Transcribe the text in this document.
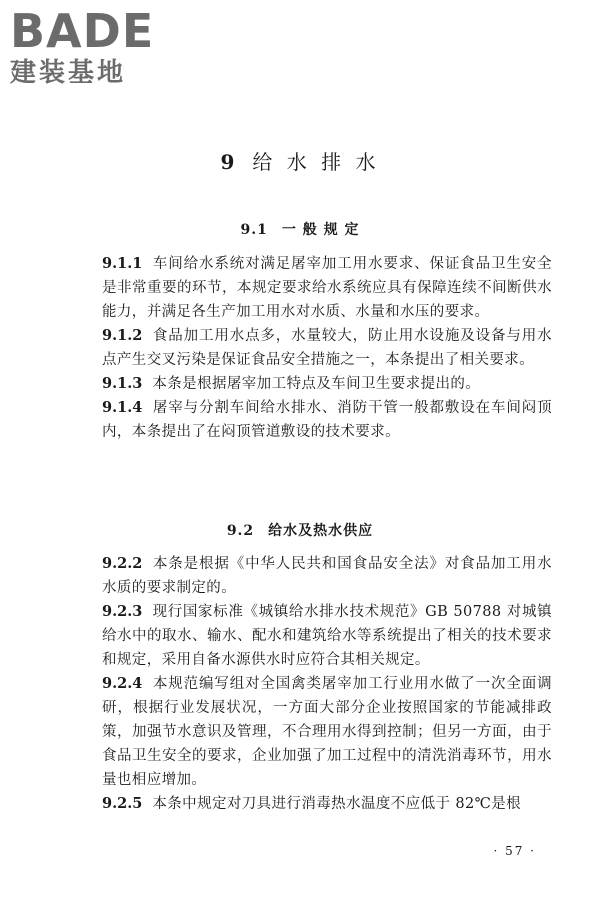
BADE
建装基地
9 给 水 排 水
9.1 一 般 规 定

9.1.1 车间给水系统对满足屠宰加工用水要求、保证食品卫生安全是非常重要的环节，本规定要求给水系统应具有保障连续不间断供水能力，并满足各生产加工用水对水质、水量和水压的要求。

9.1.2 食品加工用水点多，水量较大，防止用水设施及设备与用水点产生交叉污染是保证食品安全措施之一，本条提出了相关要求。

9.1.3 本条是根据屠宰加工特点及车间卫生要求提出的。

9.1.4 屠宰与分割车间给水排水、消防干管一般都敷设在车间闷顶内，本条提出了在闷顶管道敷设的技术要求。

9.2 给水及热水供应

9.2.2 本条是根据《中华人民共和国食品安全法》对食品加工用水水质的要求制定的。

9.2.3 现行国家标准《城镇给水排水技术规范》GB 50788 对城镇给水中的取水、输水、配水和建筑给水等系统提出了相关的技术要求和规定，采用自备水源供水时应符合其相关规定。

9.2.4 本规范编写组对全国禽类屠宰加工行业用水做了一次全面调研，根据行业发展状况，一方面大部分企业按照国家的节能减排政策，加强节水意识及管理，不合理用水得到控制；但另一方面，由于食品卫生安全的要求，企业加强了加工过程中的清洗消毒环节，用水量也相应增加。

9.2.5 本条中规定对刀具进行消毒热水温度不应低于 82℃是根

· 57 ·
